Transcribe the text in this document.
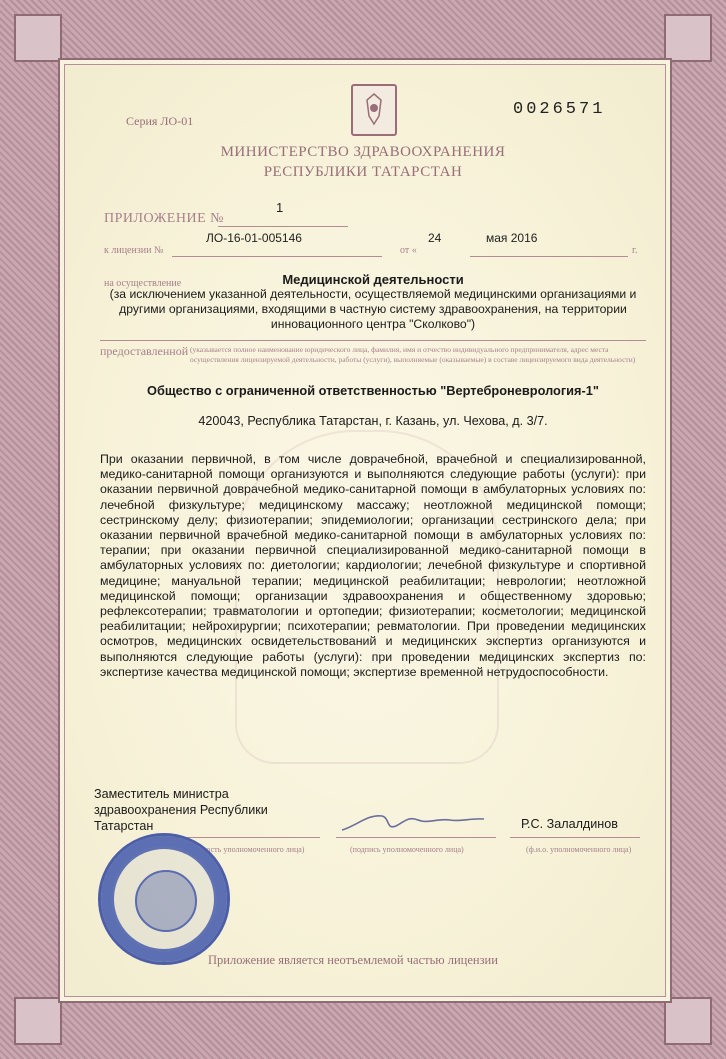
Серия ЛО-01
0026571
МИНИСТЕРСТВО ЗДРАВООХРАНЕНИЯ
РЕСПУБЛИКИ ТАТАРСТАН
ПРИЛОЖЕНИЕ №
1
к лицензии №
ЛО-16-01-005146
от «
24	мая 2016
г.
на осуществление	Медицинской деятельности
(за исключением указанной деятельности, осуществляемой медицинскими организациями и другими организациями, входящими в частную систему здравоохранения, на территории инновационного центра "Сколково")
предоставленной (указывается полное наименование юридического лица, фамилия, имя и отчество индивидуального предпринимателя, адрес места осуществления лицензируемой деятельности, работы (услуги), выполняемые (оказываемые) в составе лицензируемого вида деятельности)
Общество с ограниченной ответственностью "Вертеброневрология-1"
420043, Республика Татарстан, г. Казань, ул. Чехова, д. 3/7.
При оказании первичной, в том числе доврачебной, врачебной и специализированной, медико-санитарной помощи организуются и выполняются следующие работы (услуги): при оказании первичной доврачебной медико-санитарной помощи в амбулаторных условиях по: лечебной физкультуре; медицинскому массажу; неотложной медицинской помощи; сестринскому делу; физиотерапии; эпидемиологии; организации сестринского дела; при оказании первичной врачебной медико-санитарной помощи в амбулаторных условиях по: терапии; при оказании первичной специализированной медико-санитарной помощи в амбулаторных условиях по: диетологии; кардиологии; лечебной физкультуре и спортивной медицине; мануальной терапии; медицинской реабилитации; неврологии; неотложной медицинской помощи; организации здравоохранения и общественному здоровью; рефлексотерапии; травматологии и ортопедии; физиотерапии; косметологии; медицинской реабилитации; нейрохирургии; психотерапии; ревматологии. При проведении медицинских осмотров, медицинских освидетельствований и медицинских экспертиз организуются и выполняются следующие работы (услуги): при проведении медицинских экспертиз по: экспертизе качества медицинской помощи; экспертизе временной нетрудоспособности.
Заместитель министра
здравоохранения Республики
Татарстан
(должность уполномоченного лица)	(подпись уполномоченного лица)
Р.С. Залалдинов
(ф.и.о. уполномоченного лица)
Приложение является неотъемлемой частью лицензии
